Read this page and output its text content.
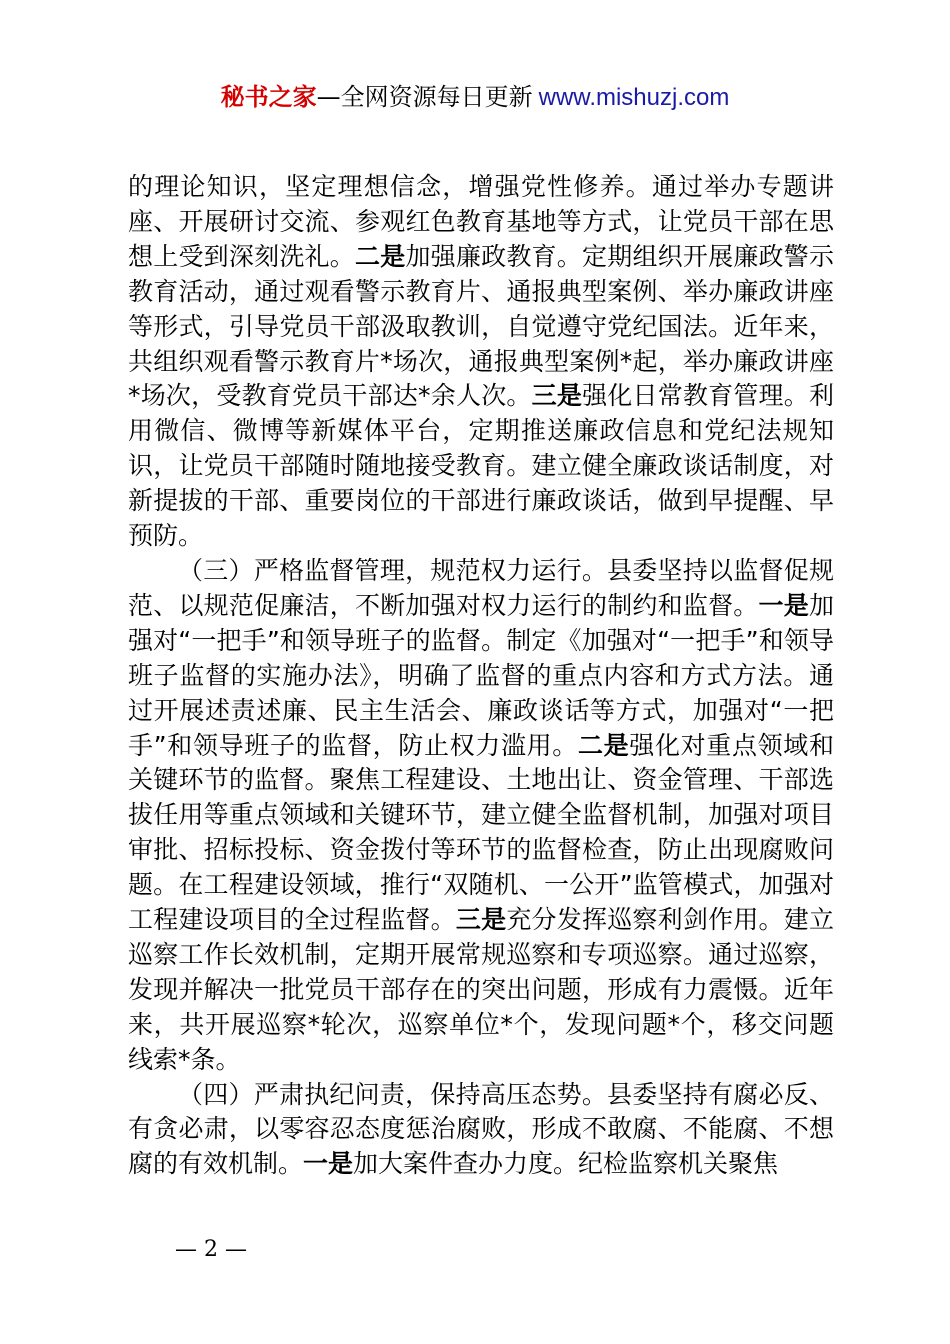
秘书之家—全网资源每日更新 www.mishuzj.com

的理论知识，坚定理想信念，增强党性修养。通过举办专题讲座、开展研讨交流、参观红色教育基地等方式，让党员干部在思想上受到深刻洗礼。二是加强廉政教育。定期组织开展廉政警示教育活动，通过观看警示教育片、通报典型案例、举办廉政讲座等形式，引导党员干部汲取教训，自觉遵守党纪国法。近年来，共组织观看警示教育片*场次，通报典型案例*起，举办廉政讲座*场次，受教育党员干部达*余人次。三是强化日常教育管理。利用微信、微博等新媒体平台，定期推送廉政信息和党纪法规知识，让党员干部随时随地接受教育。建立健全廉政谈话制度，对新提拔的干部、重要岗位的干部进行廉政谈话，做到早提醒、早预防。

（三）严格监督管理，规范权力运行。县委坚持以监督促规范、以规范促廉洁，不断加强对权力运行的制约和监督。一是加强对“一把手”和领导班子的监督。制定《加强对“一把手”和领导班子监督的实施办法》，明确了监督的重点内容和方式方法。通过开展述责述廉、民主生活会、廉政谈话等方式，加强对“一把手”和领导班子的监督，防止权力滥用。二是强化对重点领域和关键环节的监督。聚焦工程建设、土地出让、资金管理、干部选拔任用等重点领域和关键环节，建立健全监督机制，加强对项目审批、招标投标、资金拨付等环节的监督检查，防止出现腐败问题。在工程建设领域，推行“双随机、一公开”监管模式，加强对工程建设项目的全过程监督。三是充分发挥巡察利剑作用。建立巡察工作长效机制，定期开展常规巡察和专项巡察。通过巡察，发现并解决一批党员干部存在的突出问题，形成有力震慑。近年来，共开展巡察*轮次，巡察单位*个，发现问题*个，移交问题线索*条。

（四）严肃执纪问责，保持高压态势。县委坚持有腐必反、有贪必肃，以零容忍态度惩治腐败，形成不敢腐、不能腐、不想腐的有效机制。一是加大案件查办力度。纪检监察机关聚焦

— 2 —
